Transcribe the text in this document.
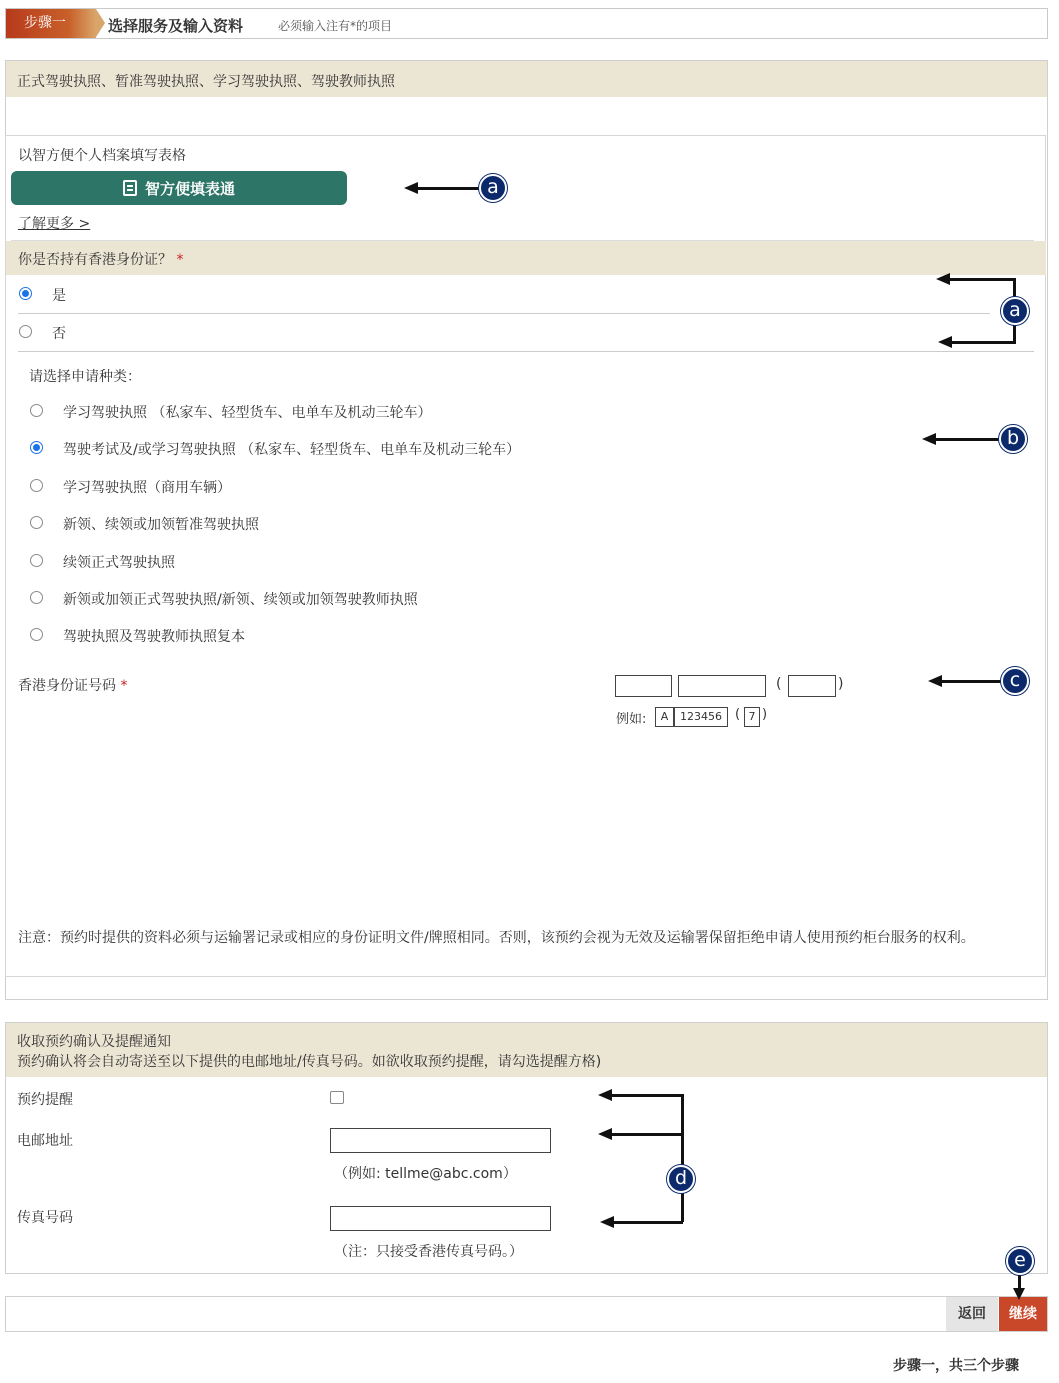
步骤一	选择服务及输入资料	必须输入注有*的项目
正式驾驶执照、暂准驾驶执照、学习驾驶执照、驾驶教师执照
以智方便个人档案填写表格
智方便填表通
了解更多 >
你是否持有香港身份证？ *
是
否
请选择申请种类：
学习驾驶执照 （私家车、轻型货车、电单车及机动三轮车）
驾驶考试及/或学习驾驶执照 （私家车、轻型货车、电单车及机动三轮车）
学习驾驶执照（商用车辆）
新领、续领或加领暂准驾驶执照
续领正式驾驶执照
新领或加领正式驾驶执照/新领、续领或加领驾驶教师执照
驾驶执照及驾驶教师执照复本
香港身份证号码 *	(	)
例如:	A	123456	( 7 )
注意：预约时提供的资料必须与运输署记录或相应的身份证明文件/牌照相同。否则，该预约会视为无效及运输署保留拒绝申请人使用预约柜台服务的权利。
收取预约确认及提醒通知
预约确认将会自动寄送至以下提供的电邮地址/传真号码。如欲收取预约提醒，请勾选提醒方格)
预约提醒
电邮地址
（例如: tellme@abc.com）
传真号码
（注：只接受香港传真号码。）
返回	继续
步骤一，共三个步骤
a
a
b
c
d
e
